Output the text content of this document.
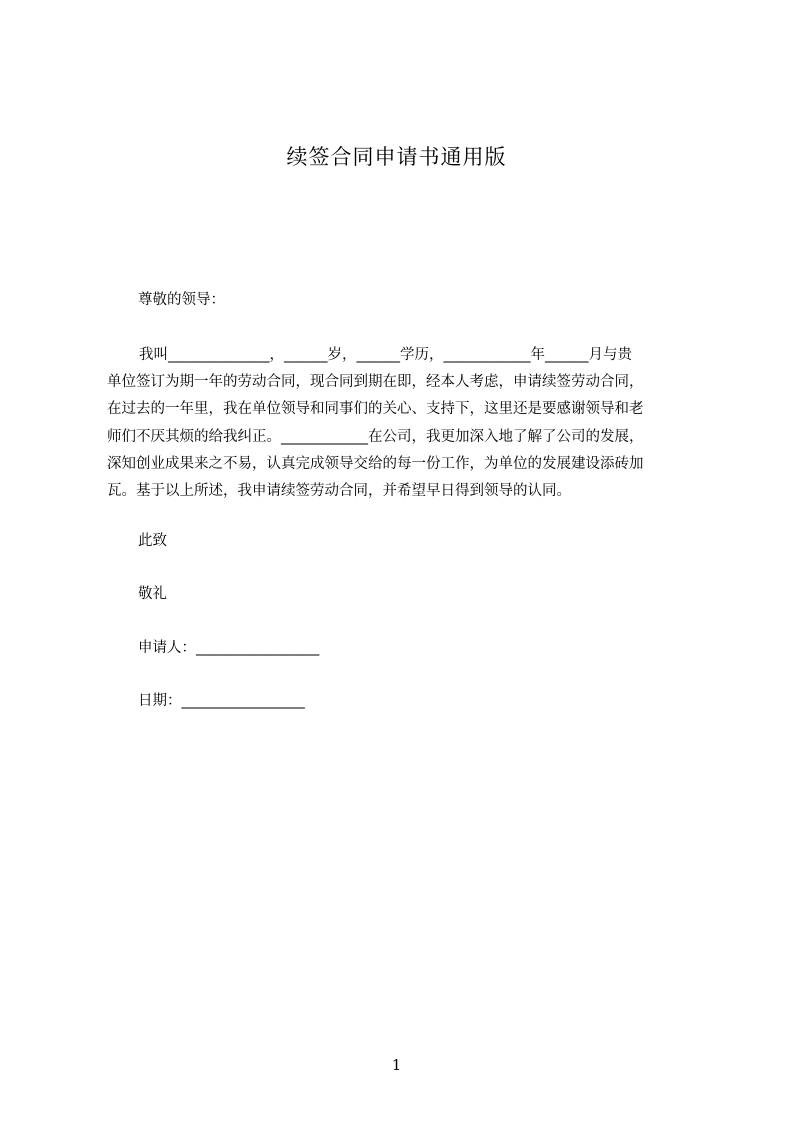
续签合同申请书通用版
尊敬的领导：
我叫______________，______岁，______学历，____________年______月与贵
单位签订为期一年的劳动合同，现合同到期在即，经本人考虑，申请续签劳动合同，
在过去的一年里，我在单位领导和同事们的关心、支持下，这里还是要感谢领导和老
师们不厌其烦的给我纠正。____________在公司，我更加深入地了解了公司的发展，
深知创业成果来之不易，认真完成领导交给的每一份工作，为单位的发展建设添砖加
瓦。基于以上所述，我申请续签劳动合同，并希望早日得到领导的认同。
此致
敬礼
申请人：_________________
日期：_________________
1
